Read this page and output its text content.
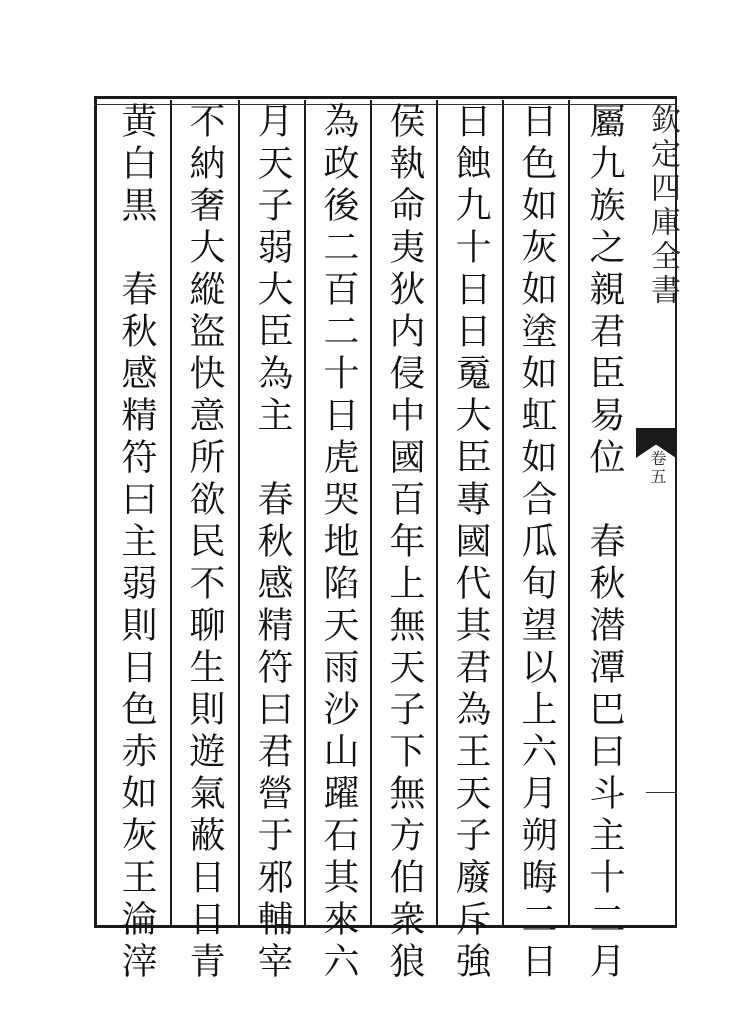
欽定四庫全書
卷五
屬九族之親君臣易位　春秋潜潭巴曰斗主十二月
日色如灰如塗如虹如合瓜旬望以上六月朔晦二日
日蝕九十日日䰟大臣專國代其君為王天子廢斥強
侯執命夷狄内侵中國百年上無天子下無方伯衆狼
為政後二百二十日虎哭地陷天雨沙山躍石其來六
月天子弱大臣為主　春秋感精符曰君營于邪輔宰
不納奢大縱盜快意所欲民不聊生則遊氣蔽日日青
黄白黒　春秋感精符曰主弱則日色赤如灰王淪滓
